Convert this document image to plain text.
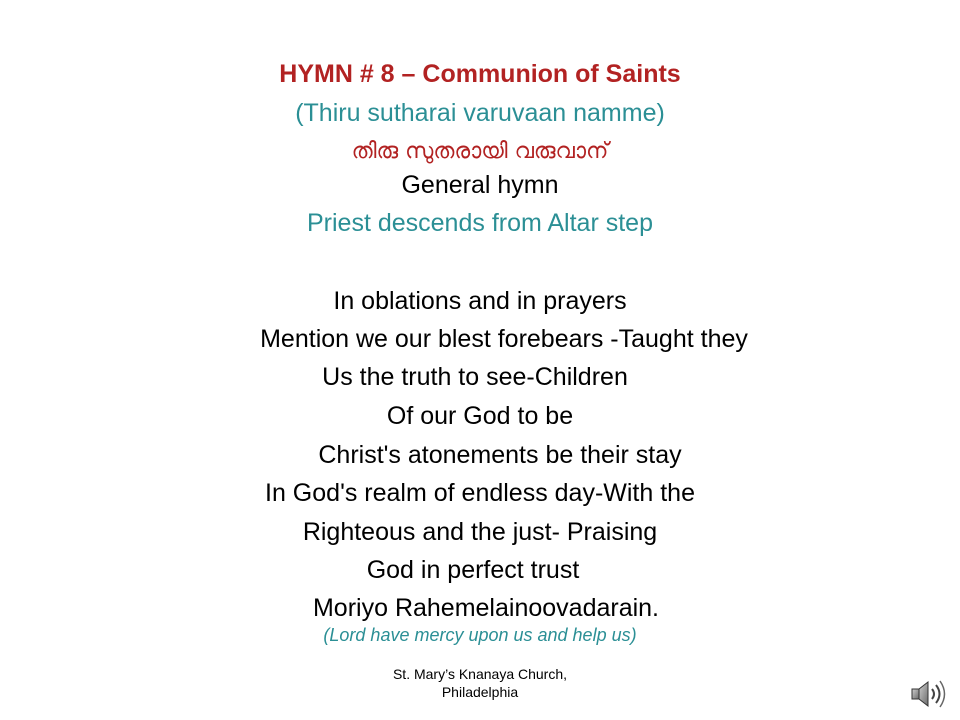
HYMN # 8 – Communion of Saints
(Thiru sutharai varuvaan namme)
തിരു സുതരായി വരുവാന്
General hymn
Priest descends from Altar step
In oblations and in prayers
Mention we our blest forebears -Taught they
Us the truth to see-Children
Of our God to be
Christ's atonements be their stay
In God's realm of endless day-With the
Righteous and the just- Praising
God in perfect trust
Moriyo Rahemelainoovadarain.
(Lord have mercy upon us and help us)
St. Mary’s Knanaya Church,
Philadelphia
